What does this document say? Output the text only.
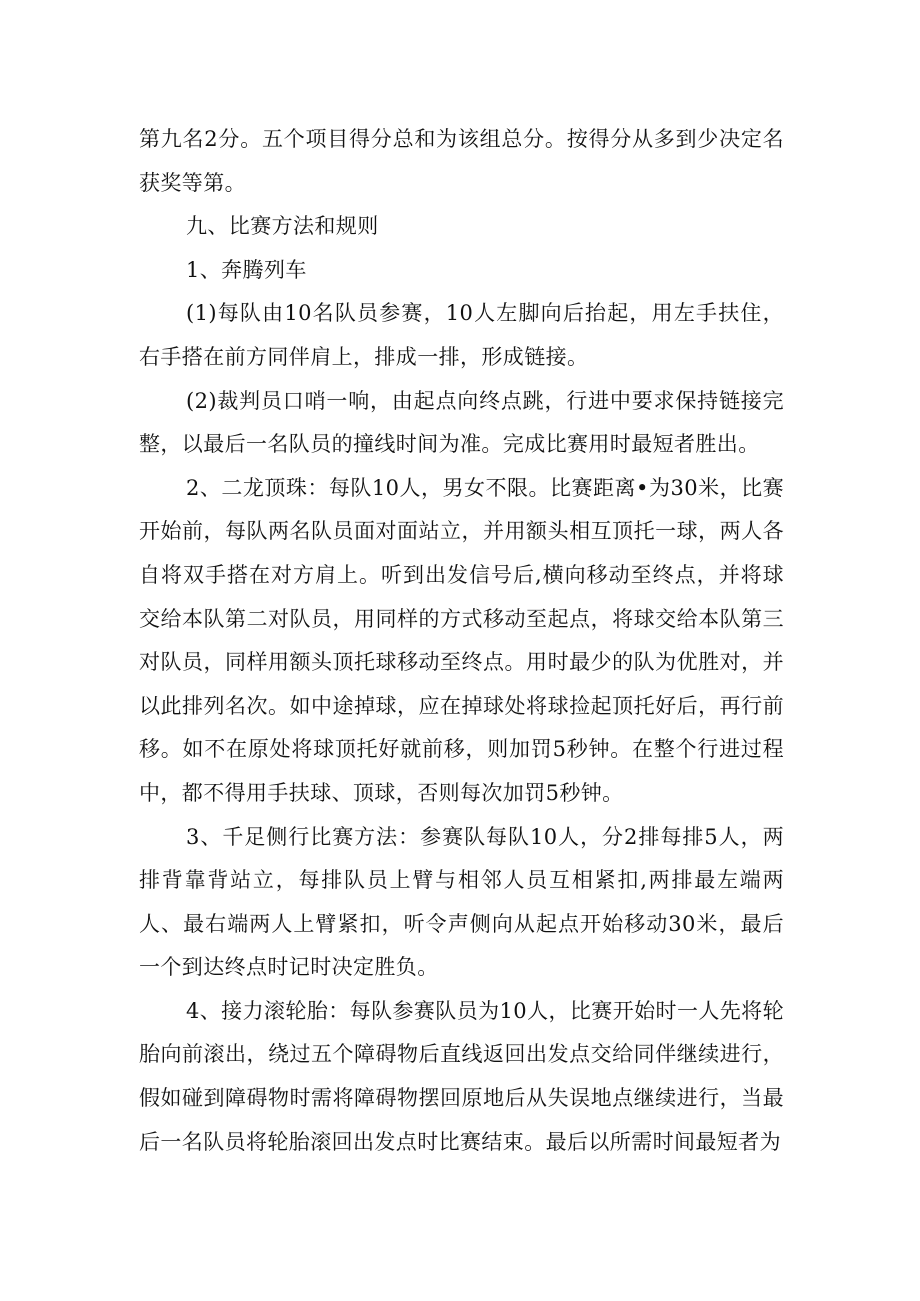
第九名2分。五个项目得分总和为该组总分。按得分从多到少决定名获奖等第。

九、比赛方法和规则

1、奔腾列车

(1)每队由10名队员参赛，10人左脚向后抬起，用左手扶住，右手搭在前方同伴肩上，排成一排，形成链接。

(2)裁判员口哨一响，由起点向终点跳，行进中要求保持链接完整，以最后一名队员的撞线时间为准。完成比赛用时最短者胜出。

2、二龙顶珠：每队10人，男女不限。比赛距离•为30米，比赛开始前，每队两名队员面对面站立，并用额头相互顶托一球，两人各自将双手搭在对方肩上。听到出发信号后,横向移动至终点，并将球交给本队第二对队员，用同样的方式移动至起点，将球交给本队第三对队员，同样用额头顶托球移动至终点。用时最少的队为优胜对，并以此排列名次。如中途掉球，应在掉球处将球捡起顶托好后，再行前移。如不在原处将球顶托好就前移，则加罚5秒钟。在整个行进过程中，都不得用手扶球、顶球，否则每次加罚5秒钟。

3、千足侧行比赛方法：参赛队每队10人，分2排每排5人，两排背靠背站立，每排队员上臂与相邻人员互相紧扣,两排最左端两人、最右端两人上臂紧扣，听令声侧向从起点开始移动30米，最后一个到达终点时记时决定胜负。

4、接力滚轮胎：每队参赛队员为10人，比赛开始时一人先将轮胎向前滚出，绕过五个障碍物后直线返回出发点交给同伴继续进行，假如碰到障碍物时需将障碍物摆回原地后从失误地点继续进行，当最后一名队员将轮胎滚回出发点时比赛结束。最后以所需时间最短者为
